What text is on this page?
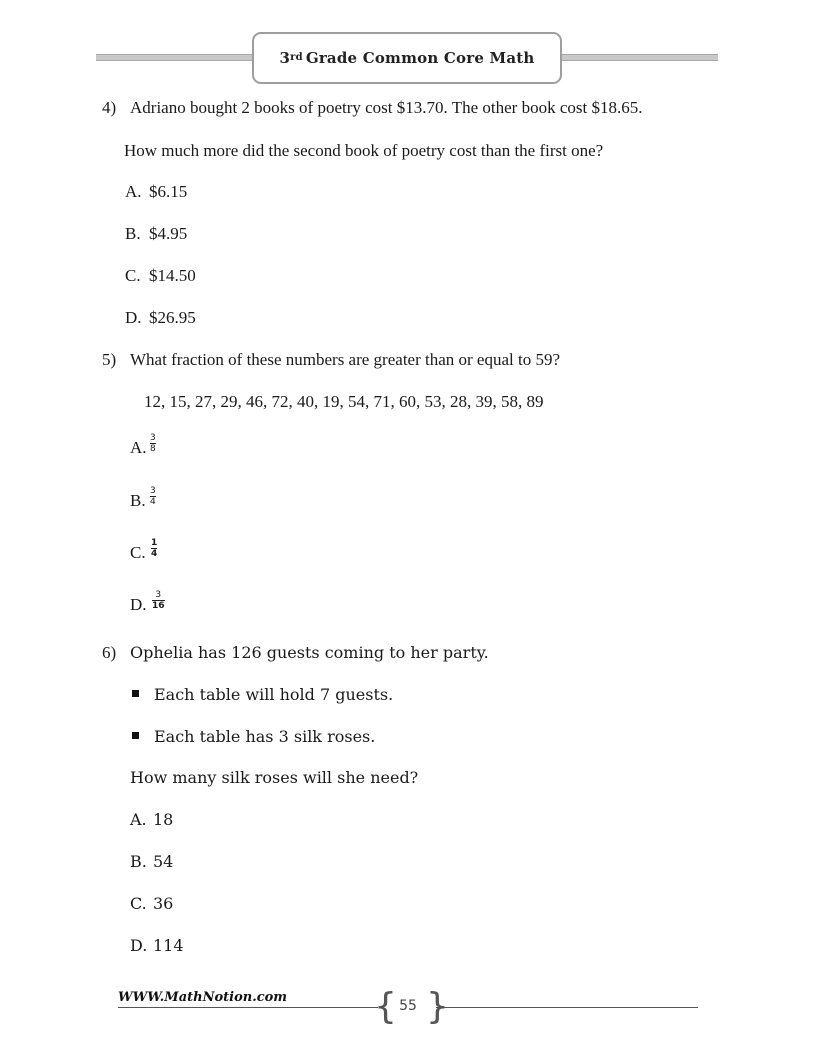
3rd Grade Common Core Math
4) Adriano bought 2 books of poetry cost $13.70. The other book cost $18.65.
How much more did the second book of poetry cost than the first one?
A. $6.15
B. $4.95
C. $14.50
D. $26.95
5) What fraction of these numbers are greater than or equal to 59?
12, 15, 27, 29, 46, 72, 40, 19, 54, 71, 60, 53, 28, 39, 58, 89
A. 3
8
B. 3
4
C. 1
4
D. 3
16
6) Ophelia has 126 guests coming to her party.
Each table will hold 7 guests.
Each table has 3 silk roses.
How many silk roses will she need?
A. 18
B. 54
C. 36
D. 114
WWW.MathNotion.com { }
55
